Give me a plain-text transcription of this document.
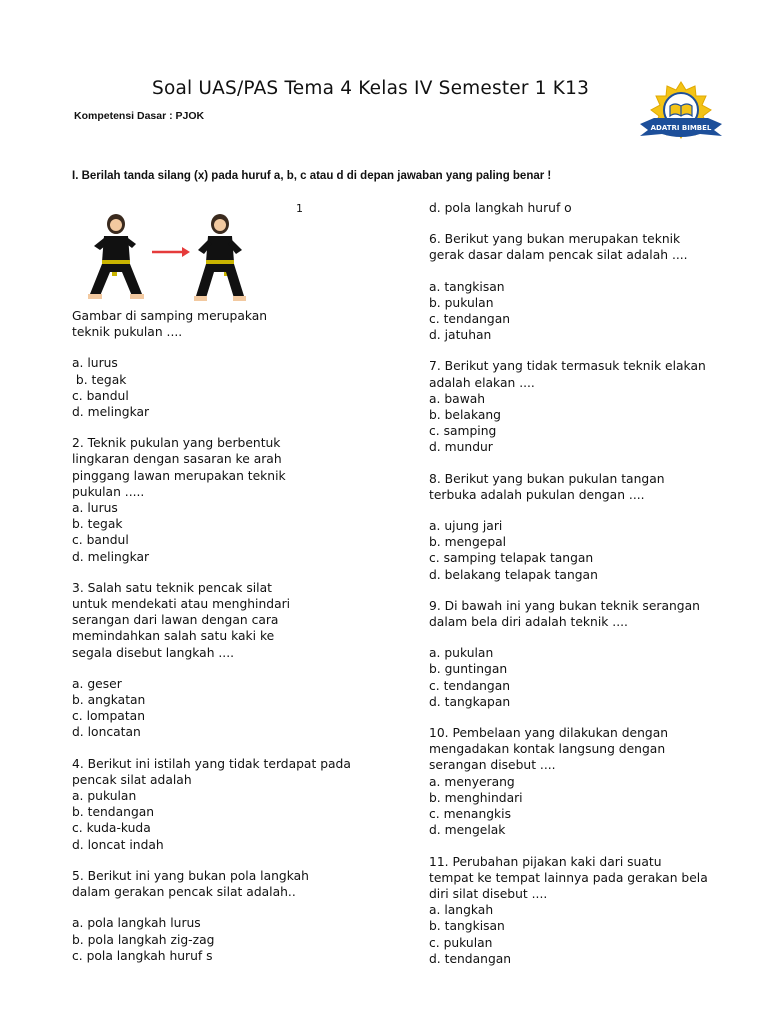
Soal UAS/PAS Tema 4 Kelas IV Semester 1 K13
Kompetensi Dasar : PJOK
ADATRI BIMBEL
I. Berilah tanda silang (x) pada huruf a, b, c atau d di depan jawaban yang paling benar !
1

Gambar di samping merupakan
teknik pukulan ....

a. lurus

b. tegak

c. bandul

d. melingkar

2. Teknik pukulan yang berbentuk
lingkaran dengan sasaran ke arah
pinggang lawan merupakan teknik
pukulan .....

a. lurus

b. tegak

c. bandul

d. melingkar

3. Salah satu teknik pencak silat
untuk mendekati atau menghindari
serangan dari lawan dengan cara
memindahkan salah satu kaki ke
segala disebut langkah ....

a. geser

b. angkatan

c. lompatan

d. loncatan

4. Berikut ini istilah yang tidak terdapat pada
pencak silat adalah

a. pukulan

b. tendangan

c. kuda-kuda

d. loncat indah

5. Berikut ini yang bukan pola langkah
dalam gerakan pencak silat adalah..

a. pola langkah lurus

b. pola langkah zig-zag

c. pola langkah huruf s

d. pola langkah huruf o

6. Berikut yang bukan merupakan teknik
gerak dasar dalam pencak silat adalah ....

a. tangkisan

b. pukulan

c. tendangan

d. jatuhan

7. Berikut yang tidak termasuk teknik elakan
adalah elakan ....

a. bawah

b. belakang

c. samping

d. mundur

8. Berikut yang bukan pukulan tangan
terbuka adalah pukulan dengan ....

a. ujung jari

b. mengepal

c. samping telapak tangan

d. belakang telapak tangan

9. Di bawah ini yang bukan teknik serangan
dalam bela diri adalah teknik ....

a. pukulan

b. guntingan

c. tendangan

d. tangkapan

10. Pembelaan yang dilakukan dengan
mengadakan kontak langsung dengan
serangan disebut ....

a. menyerang

b. menghindari

c. menangkis

d. mengelak

11. Perubahan pijakan kaki dari suatu
tempat ke tempat lainnya pada gerakan bela
diri silat disebut ....

a. langkah

b. tangkisan

c. pukulan

d. tendangan
